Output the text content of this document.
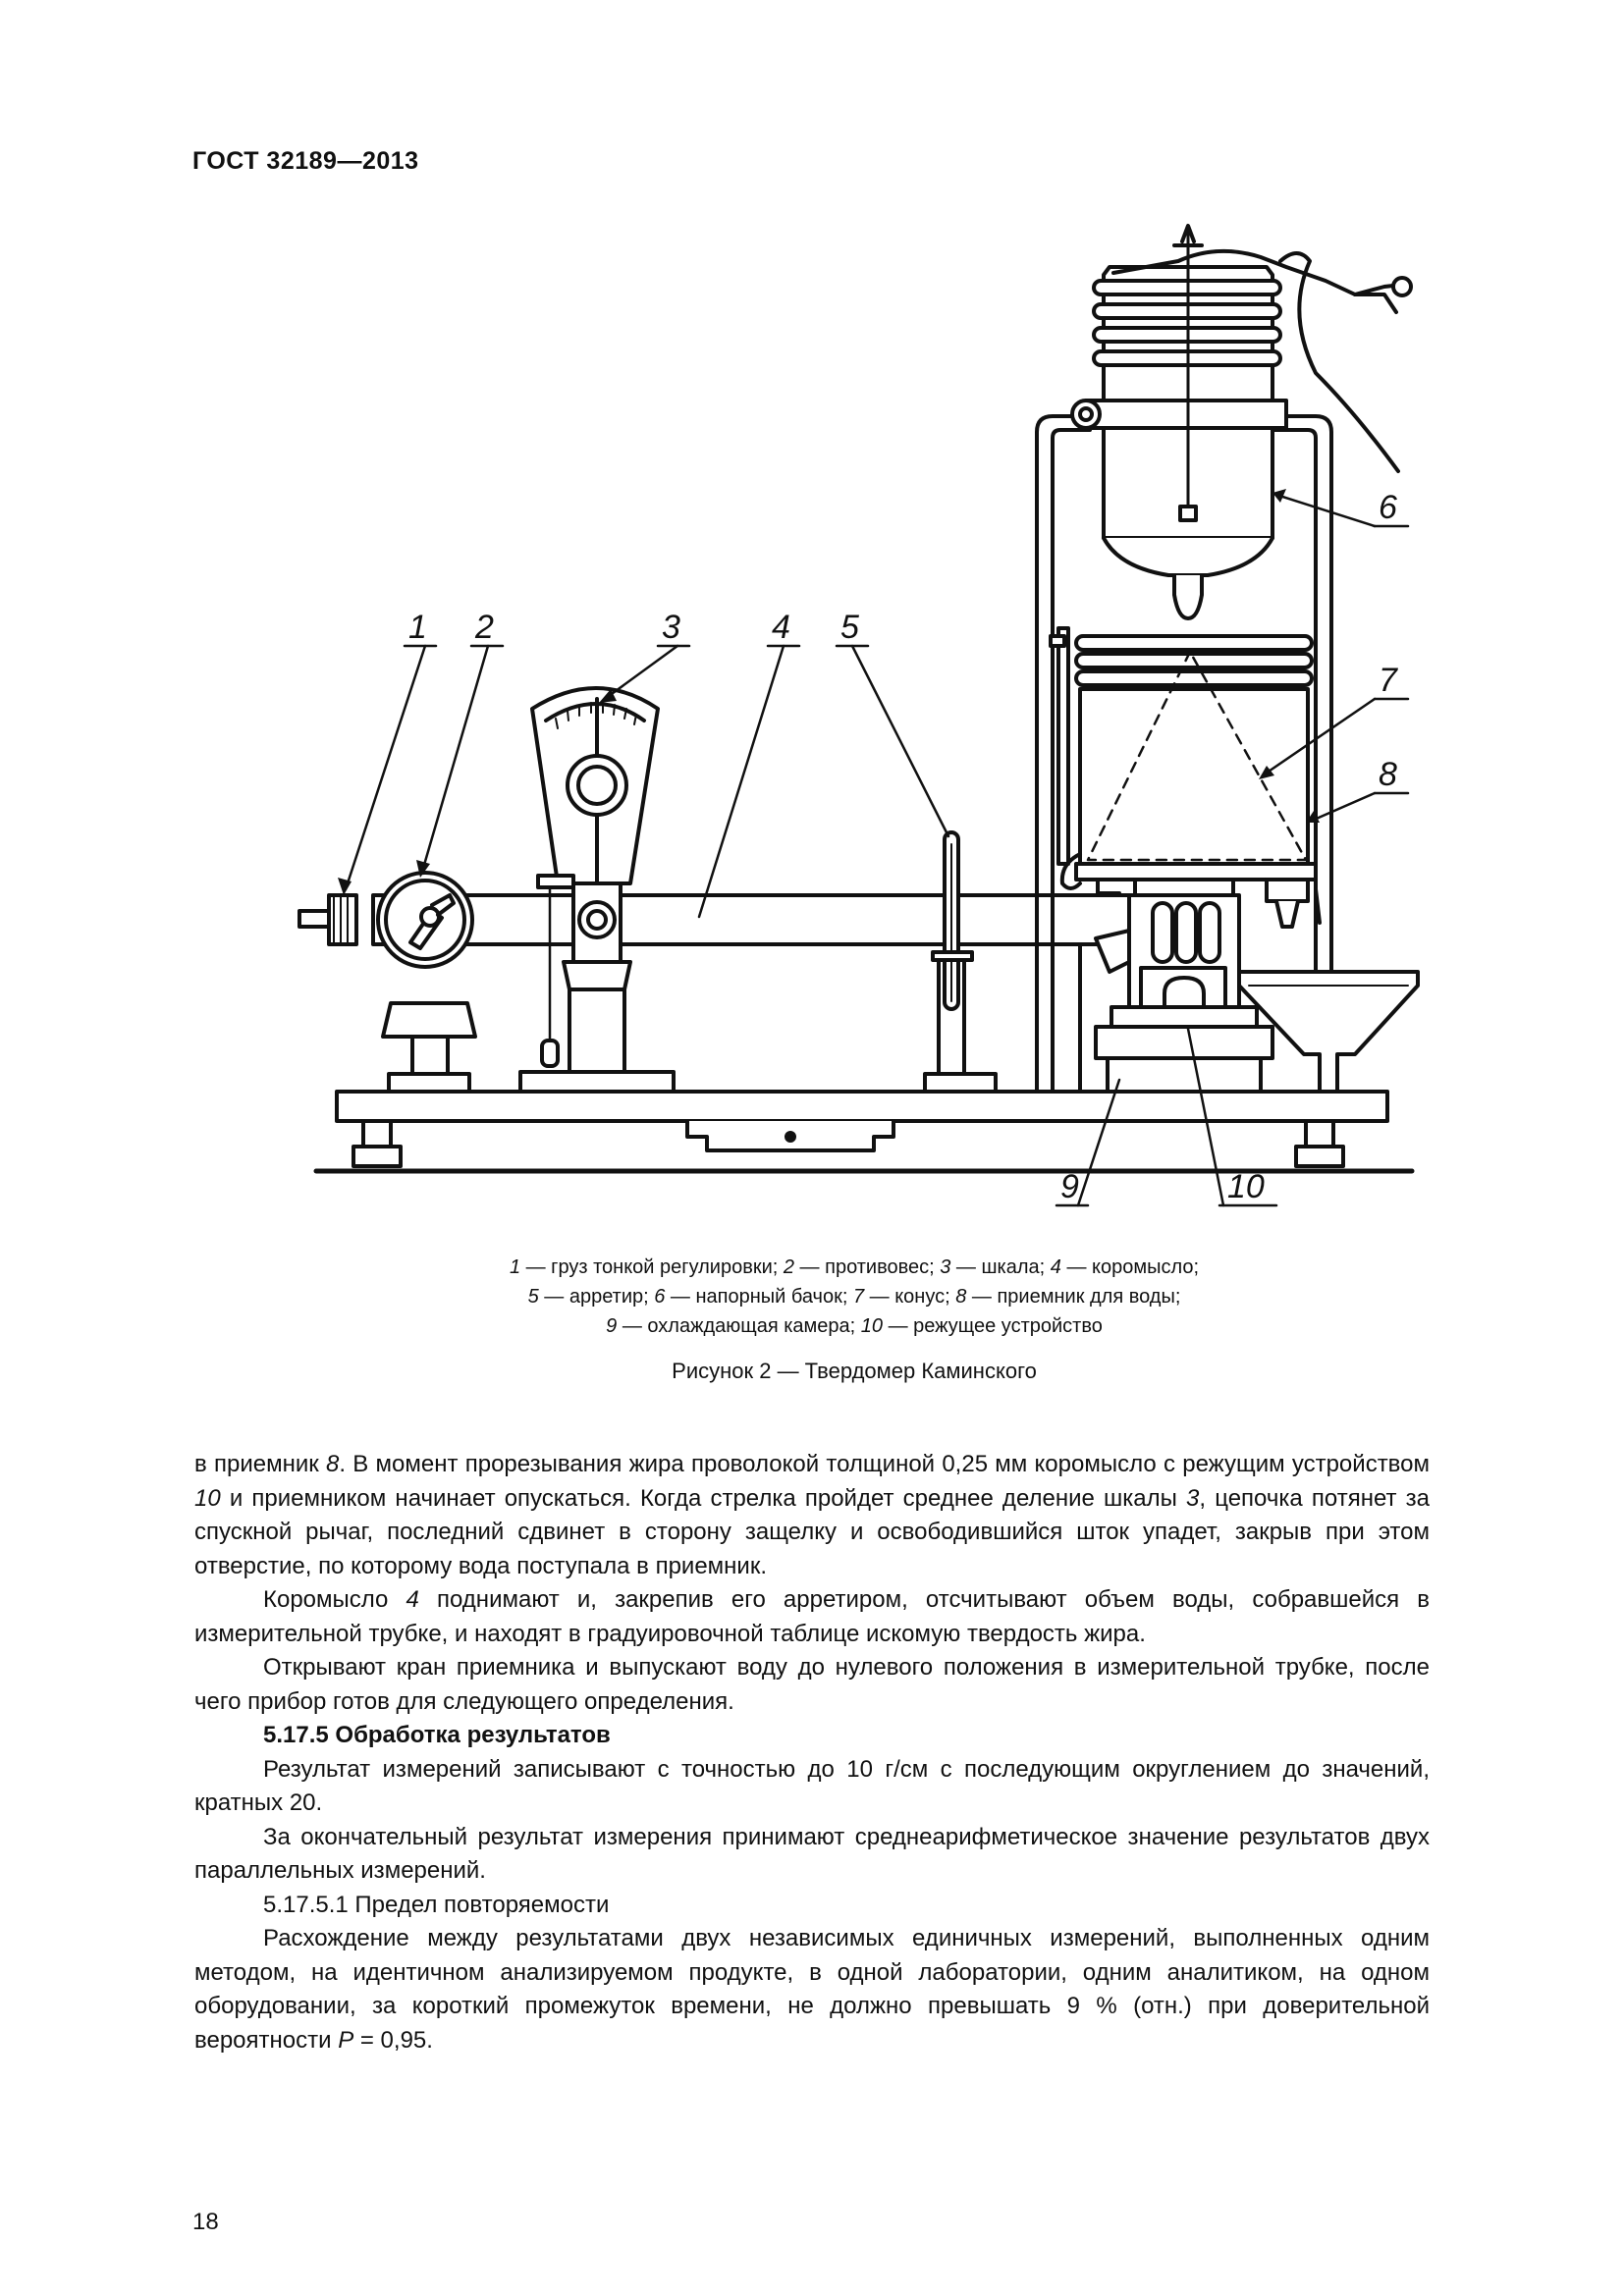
ГОСТ 32189—2013
1 2	3	4 5
6
7
8
9	10
1 — груз тонкой регулировки; 2 — противовес; 3 — шкала; 4 — коромысло;
5 — арретир; 6 — напорный бачок; 7 — конус; 8 — приемник для воды;
9 — охлаждающая камера; 10 — режущее устройство
Рисунок 2 — Твердомер Каминского

в приемник 8. В момент прорезывания жира проволокой толщиной 0,25 мм коромысло с режущим устройством 10 и приемником начинает опускаться. Когда стрелка пройдет среднее деление шкалы 3, цепочка потянет за спускной рычаг, последний сдвинет в сторону защелку и освободившийся шток упадет, закрыв при этом отверстие, по которому вода поступала в приемник.

Коромысло 4 поднимают и, закрепив его арретиром, отсчитывают объем воды, собравшейся в измерительной трубке, и находят в градуировочной таблице искомую твердость жира.

Открывают кран приемника и выпускают воду до нулевого положения в измерительной трубке, после чего прибор готов для следующего определения.

5.17.5 Обработка результатов

Результат измерений записывают с точностью до 10 г/см с последующим округлением до значений, кратных 20.

За окончательный результат измерения принимают среднеарифметическое значение результатов двух параллельных измерений.

5.17.5.1 Предел повторяемости

Расхождение между результатами двух независимых единичных измерений, выполненных одним методом, на идентичном анализируемом продукте, в одной лаборатории, одним аналитиком, на одном оборудовании, за короткий промежуток времени, не должно превышать 9 % (отн.) при доверительной вероятности P = 0,95.

18
